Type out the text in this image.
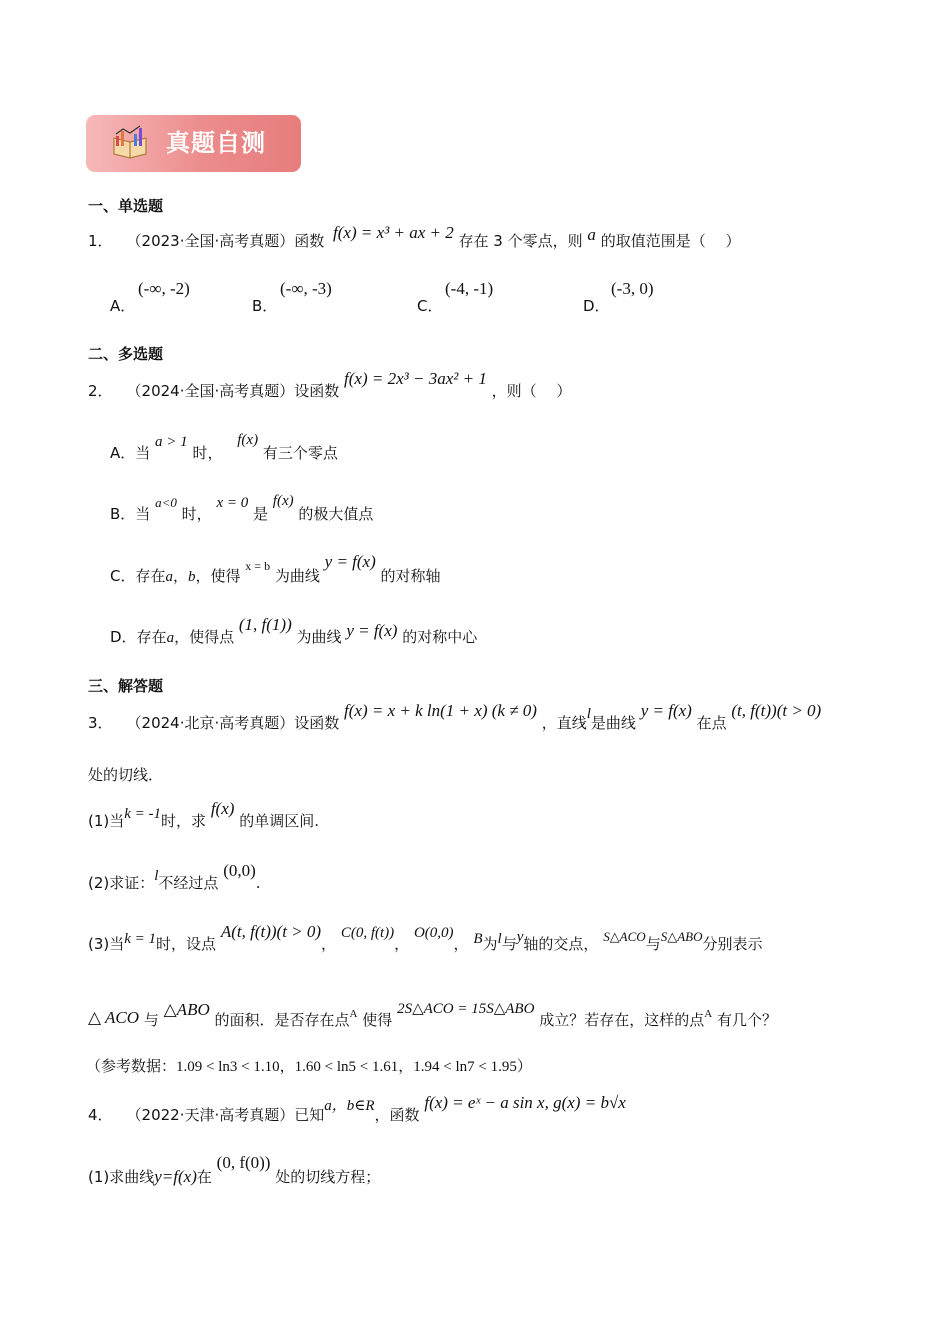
真题自测
一、单选题
1． （2023·全国·高考真题）函数 f(x) = x³ + ax + 2 存在 3 个零点，则 a 的取值范围是（　 ）
A．
(-∞, -2)
B．
(-∞, -3)
C．
(-4, -1)
D．
(-3, 0)
二、多选题
2． （2024·全国·高考真题）设函数 f(x) = 2x³ − 3ax² + 1 ，则（　 ）
A．当 a > 1 时， f(x) 有三个零点
B．当 a<0 时， x = 0 是 f(x) 的极大值点
C．存在a，b，使得 $^{x = b}$ 为曲线 y = f(x) 的对称轴
D．存在a，使得点 (1, f(1)) 为曲线 y = f(x) 的对称中心
三、解答题
3． （2024·北京·高考真题）设函数 f(x) = x + k ln(1 + x) (k ≠ 0) ，直线l是曲线 y = f(x) 在点 (t, f(t))(t > 0)
处的切线．
(1)当k = -1时，求 f(x) 的单调区间.
(2)求证：l不经过点 (0,0).
(3)当k = 1时，设点 A(t, f(t))(t > 0)， C(0, f(t))， O(0,0)， B为l与y轴的交点， S△ACO与S△ABO分别表示
△ ACO 与 △ABO 的面积．是否存在点$^A$ 使得 2S△ACO = 15S△ABO 成立？若存在，这样的点$^A$ 有几个？
（参考数据：1.09 < ln3 < 1.10，1.60 < ln5 < 1.61，1.94 < ln7 < 1.95）
4． （2022·天津·高考真题）已知a，b∈R，函数 f(x) = eˣ − a sin x, g(x) = b√x
(1)求曲线y=f(x)在 (0, f(0)) 处的切线方程；
